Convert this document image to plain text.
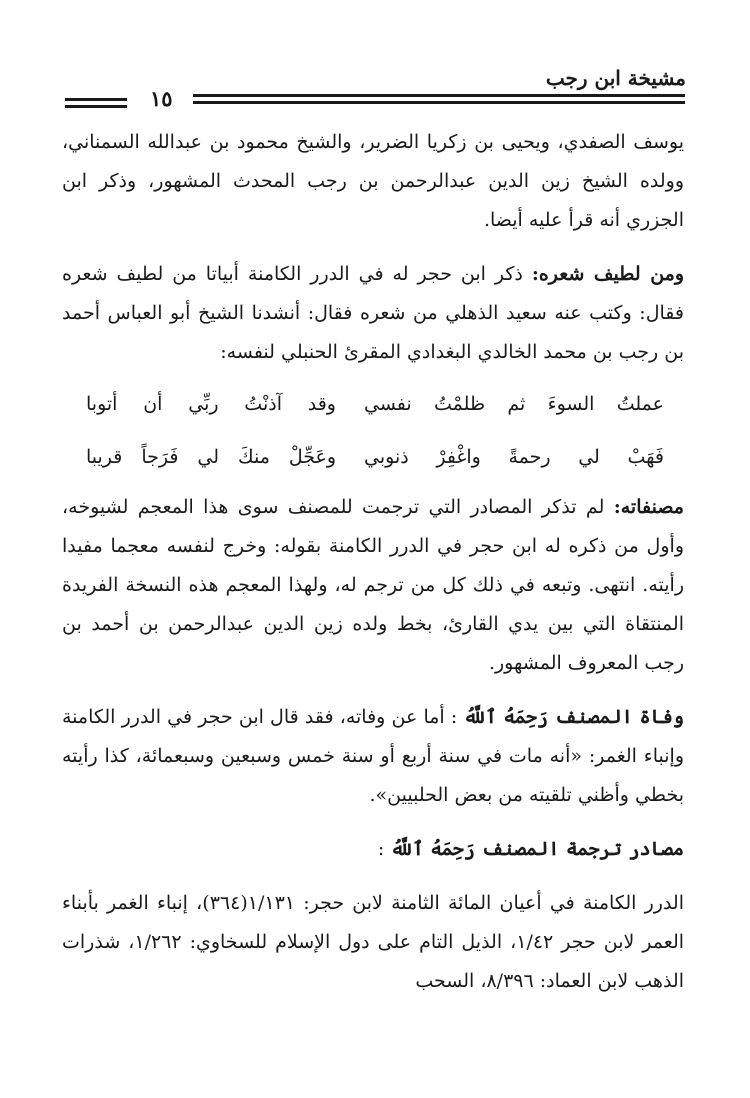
مشيخة ابن رجب
١٥

يوسف الصفدي، ويحيى بن زكريا الضرير، والشيخ محمود بن عبدالله السمناني، وولده الشيخ زين الدين عبدالرحمن بن رجب المحدث المشهور، وذكر ابن الجزري أنه قرأ عليه أيضا.

ومن لطيف شعره: ذكر ابن حجر له في الدرر الكامنة أبياتا من لطيف شعره فقال: وكتب عنه سعيد الذهلي من شعره فقال: أنشدنا الشيخ أبو العباس أحمد بن رجب بن محمد الخالدي البغدادي المقرئ الحنبلي لنفسه:

عملتُ السوءَ ثم ظلمْتُ نفسي
وقد آذنْتُ ربِّي أن أتوبا
فَهَبْ لي رحمةً واغْفِرْ ذنوبي
وعَجِّلْ منكَ لي فَرَجاً قريبا

مصنفاته: لم تذكر المصادر التي ترجمت للمصنف سوى هذا المعجم لشيوخه، وأول من ذكره له ابن حجر في الدرر الكامنة بقوله: وخرج لنفسه معجما مفيدا رأيته. انتهى. وتبعه في ذلك كل من ترجم له، ولهذا المعجم هذه النسخة الفريدة المنتقاة التي بين يدي القارئ، بخط ولده زين الدين عبدالرحمن بن أحمد بن رجب المعروف المشهور.

وفاة المصنف رَحِمَهُ ٱللَّهُ : أما عن وفاته، فقد قال ابن حجر في الدرر الكامنة وإنباء الغمر: «أنه مات في سنة أربع أو سنة خمس وسبعين وسبعمائة، كذا رأيته بخطي وأظني تلقيته من بعض الحلبيين».

مصادر ترجمة المصنف رَحِمَهُ ٱللَّهُ :

الدرر الكامنة في أعيان المائة الثامنة لابن حجر: ١/١٣١(٣٦٤)، إنباء الغمر بأبناء العمر لابن حجر ١/٤٢، الذيل التام على دول الإسلام للسخاوي: ١/٢٦٢، شذرات الذهب لابن العماد: ٨/٣٩٦، السحب
